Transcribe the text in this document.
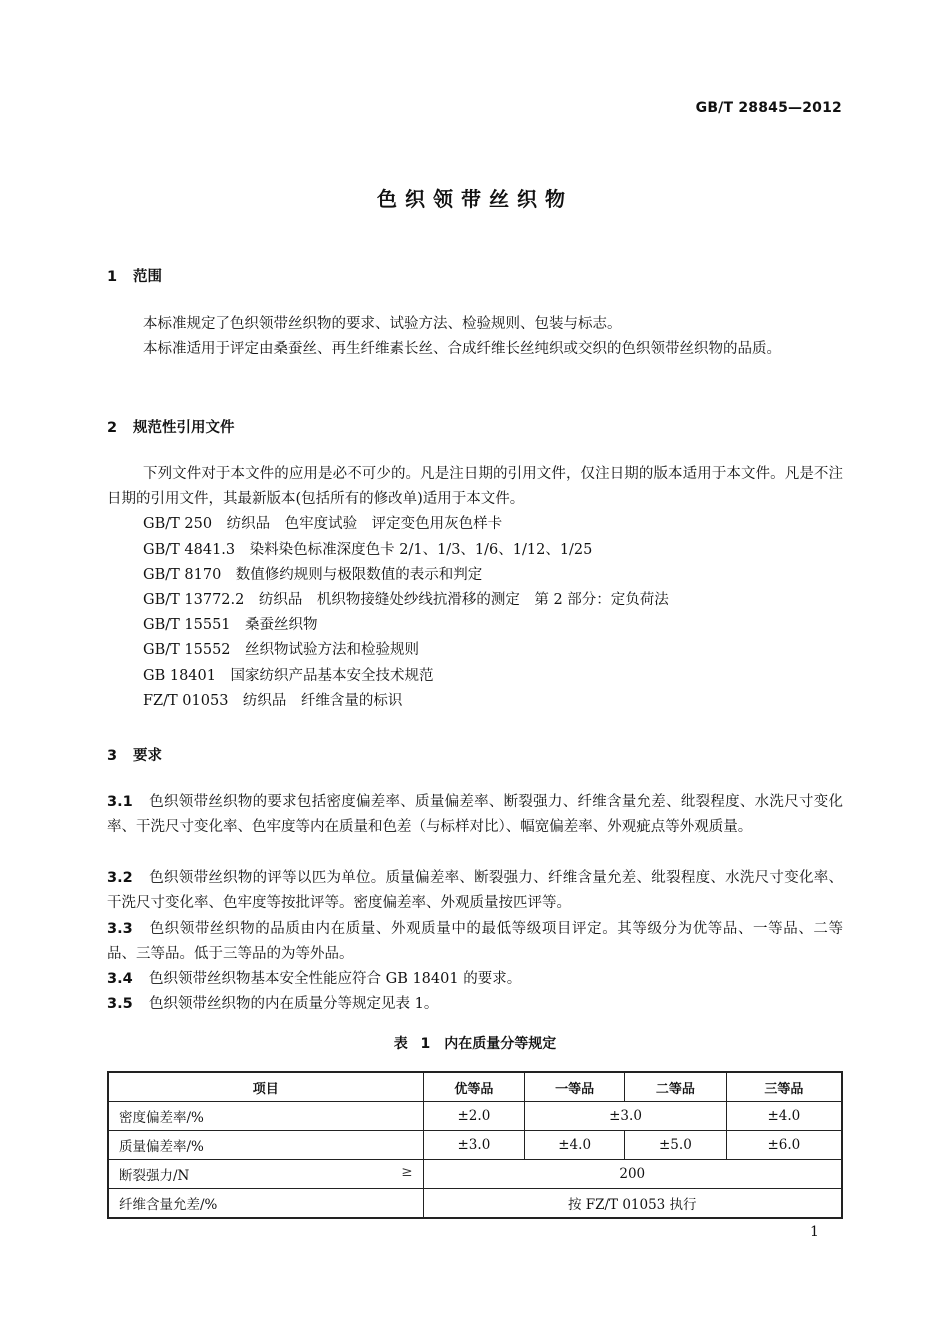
GB/T 28845—2012
色织领带丝织物
1 范围
本标准规定了色织领带丝织物的要求、试验方法、检验规则、包装与标志。
本标准适用于评定由桑蚕丝、再生纤维素长丝、合成纤维长丝纯织或交织的色织领带丝织物的品质。
2 规范性引用文件
下列文件对于本文件的应用是必不可少的。凡是注日期的引用文件，仅注日期的版本适用于本文件。凡是不注日期的引用文件，其最新版本(包括所有的修改单)适用于本文件。
GB/T 250　纺织品　色牢度试验　评定变色用灰色样卡
GB/T 4841.3　染料染色标准深度色卡 2/1、1/3、1/6、1/12、1/25
GB/T 8170　数值修约规则与极限数值的表示和判定
GB/T 13772.2　纺织品　机织物接缝处纱线抗滑移的测定　第 2 部分：定负荷法
GB/T 15551　桑蚕丝织物
GB/T 15552　丝织物试验方法和检验规则
GB 18401　国家纺织产品基本安全技术规范
FZ/T 01053　纺织品　纤维含量的标识
3 要求
3.1 色织领带丝织物的要求包括密度偏差率、质量偏差率、断裂强力、纤维含量允差、纰裂程度、水洗尺寸变化率、干洗尺寸变化率、色牢度等内在质量和色差（与标样对比）、幅宽偏差率、外观疵点等外观质量。
3.2 色织领带丝织物的评等以匹为单位。质量偏差率、断裂强力、纤维含量允差、纰裂程度、水洗尺寸变化率、干洗尺寸变化率、色牢度等按批评等。密度偏差率、外观质量按匹评等。
3.3 色织领带丝织物的品质由内在质量、外观质量中的最低等级项目评定。其等级分为优等品、一等品、二等品、三等品。低于三等品的为等外品。
3.4 色织领带丝织物基本安全性能应符合 GB 18401 的要求。
3.5 色织领带丝织物的内在质量分等规定见表 1。
表 1　内在质量分等规定
项目	优等品	一等品	二等品	三等品
密度偏差率/%	±2.0	±3.0		±4.0
质量偏差率/%	±3.0	±4.0	±5.0	±6.0
断裂强力/N ≥	200			
纤维含量允差/%	按 FZ/T 01053 执行			
1
